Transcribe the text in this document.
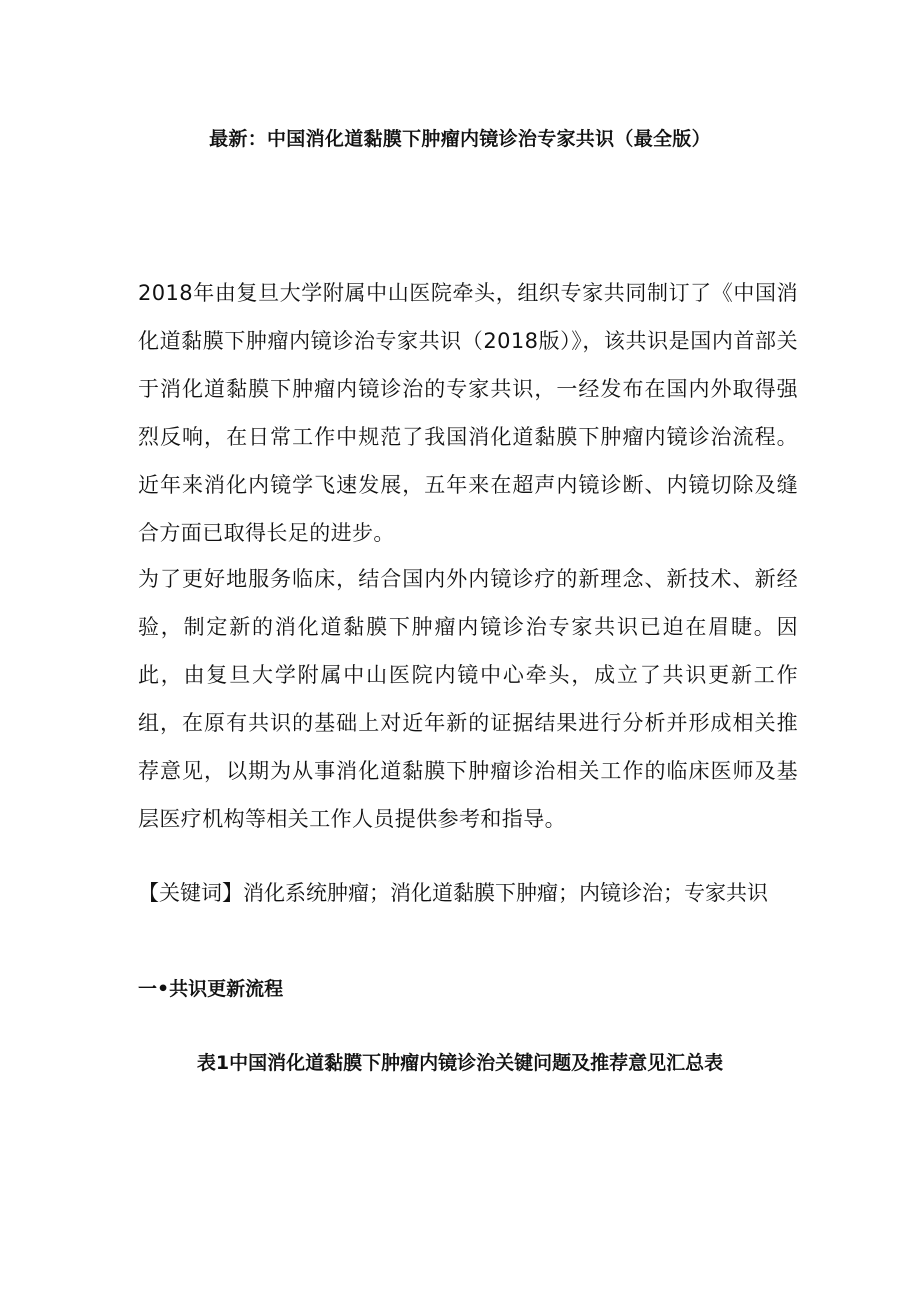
最新：中国消化道黏膜下肿瘤内镜诊治专家共识（最全版）

2018年由复旦大学附属中山医院牵头，组织专家共同制订了《中国消化道黏膜下肿瘤内镜诊治专家共识（2018版）》，该共识是国内首部关于消化道黏膜下肿瘤内镜诊治的专家共识，一经发布在国内外取得强烈反响，在日常工作中规范了我国消化道黏膜下肿瘤内镜诊治流程。近年来消化内镜学飞速发展，五年来在超声内镜诊断、内镜切除及缝合方面已取得长足的进步。

为了更好地服务临床，结合国内外内镜诊疗的新理念、新技术、新经验，制定新的消化道黏膜下肿瘤内镜诊治专家共识已迫在眉睫。因此，由复旦大学附属中山医院内镜中心牵头，成立了共识更新工作组，在原有共识的基础上对近年新的证据结果进行分析并形成相关推荐意见，以期为从事消化道黏膜下肿瘤诊治相关工作的临床医师及基层医疗机构等相关工作人员提供参考和指导。

【关键词】消化系统肿瘤；消化道黏膜下肿瘤；内镜诊治；专家共识
一•共识更新流程
表1中国消化道黏膜下肿瘤内镜诊治关键问题及推荐意见汇总表
